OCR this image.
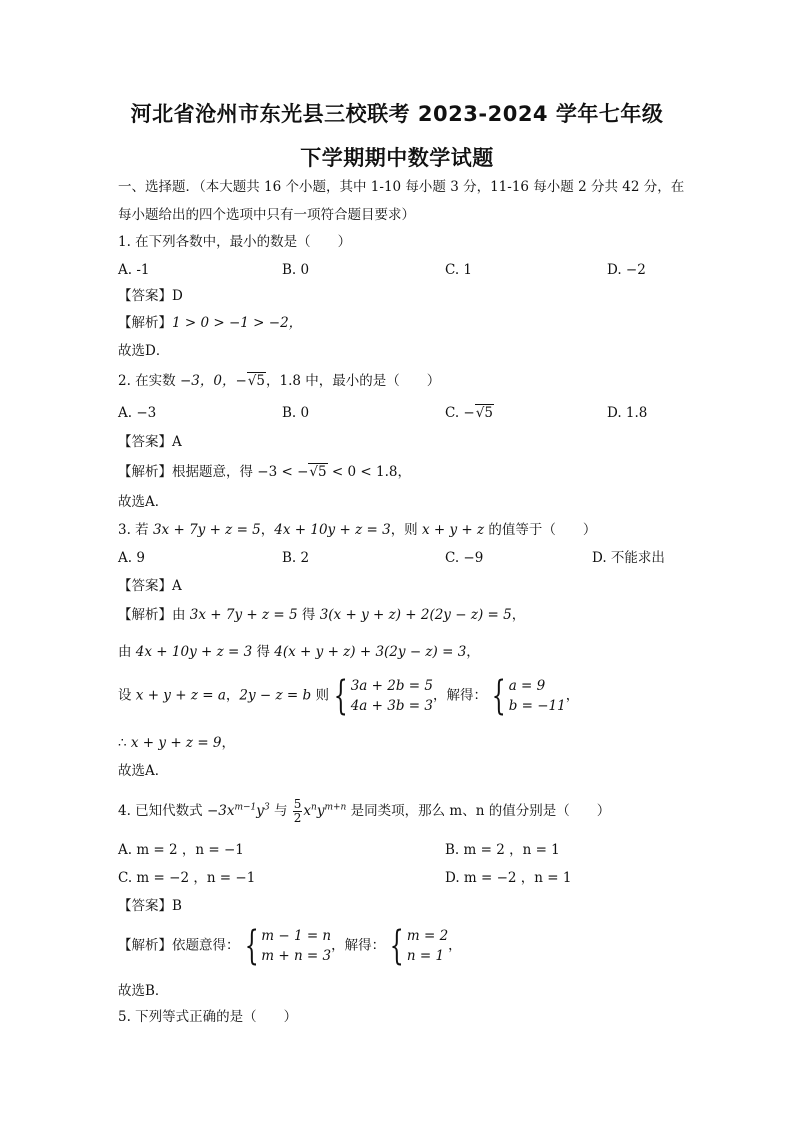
河北省沧州市东光县三校联考 2023-2024 学年七年级
下学期期中数学试题
一、选择题．（本大题共 16 个小题，其中 1-10 每小题 3 分，11-16 每小题 2 分共 42 分，在
每小题给出的四个选项中只有一项符合题目要求）
1. 在下列各数中，最小的数是（　　）
A. -1	B. 0	C. 1	D. −2
【答案】D
【解析】1 > 0 > −1 > −2，
故选D．
2. 在实数 −3，0，−√5，1.8 中，最小的是（　　）
A. −3	B. 0	C. −√5	D. 1.8
【答案】A
【解析】根据题意，得 −3 < −√5 < 0 < 1.8，
故选A．
3. 若 3x + 7y + z = 5，4x + 10y + z = 3，则 x + y + z 的值等于（　　）
A. 9	B. 2	C. −9	D. 不能求出
【答案】A
【解析】由 3x + 7y + z = 5 得 3(x + y + z) + 2(2y − z) = 5，
由 4x + 10y + z = 3 得 4(x + y + z) + 3(2y − z) = 3，
设 x + y + z = a，2y − z = b 则 { 3a + 2b = 5
4a + 3b = 3
，解得： { a = 9
b = −11
，
∴ x + y + z = 9，
故选A．
4. 已知代数式 $-3x^{m-1}y^3$ 与 $\frac{5}{2} x^ny^{m+n}$ 是同类项，那么 m、n 的值分别是（　　）
A. m = 2 ，n = −1	B. m = 2 ，n = 1
C. m = −2 ，n = −1	D. m = −2 ，n = 1
【答案】B
【解析】依题意得： { m − 1 = n
m + n = 3
，解得： { m = 2
n = 1
，
故选B．
5. 下列等式正确的是（　　）
